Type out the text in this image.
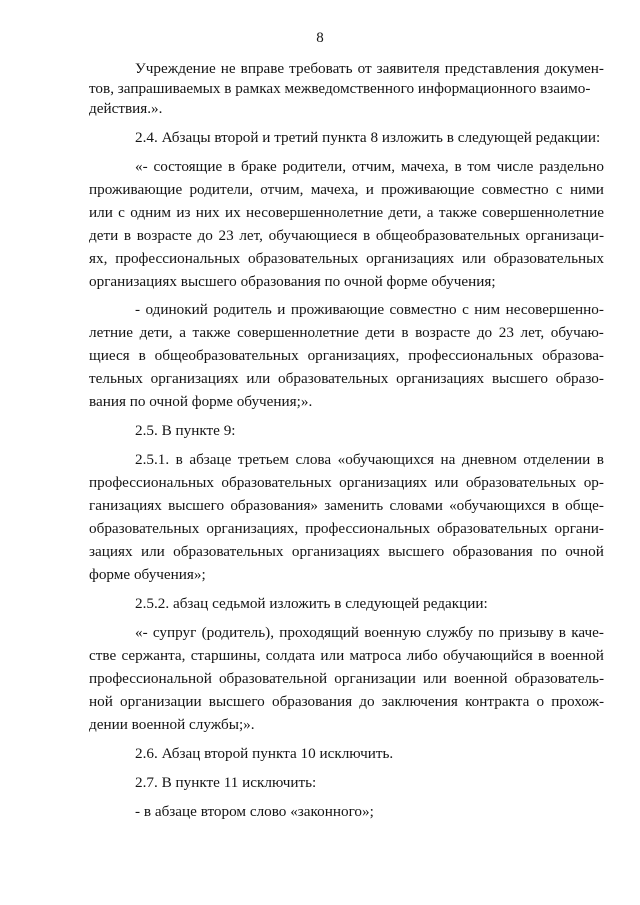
8
Учреждение не вправе требовать от заявителя представления докумен-
тов, запрашиваемых в рамках межведомственного информационного взаимо-
действия.».
2.4. Абзацы второй и третий пункта 8 изложить в следующей редакции:
«- состоящие в браке родители, отчим, мачеха, в том числе раздельно
проживающие родители, отчим, мачеха, и проживающие совместно с ними
или с одним из них их несовершеннолетние дети, а также совершеннолетние
дети в возрасте до 23 лет, обучающиеся в общеобразовательных организаци-
ях, профессиональных образовательных организациях или образовательных
организациях высшего образования по очной форме обучения;
- одинокий родитель и проживающие совместно с ним несовершенно-
летние дети, а также совершеннолетние дети в возрасте до 23 лет, обучаю-
щиеся в общеобразовательных организациях, профессиональных образова-
тельных организациях или образовательных организациях высшего образо-
вания по очной форме обучения;».
2.5. В пункте 9:
2.5.1. в абзаце третьем слова «обучающихся на дневном отделении в
профессиональных образовательных организациях или образовательных ор-
ганизациях высшего образования» заменить словами «обучающихся в обще-
образовательных организациях, профессиональных образовательных органи-
зациях или образовательных организациях высшего образования по очной
форме обучения»;
2.5.2. абзац седьмой изложить в следующей редакции:
«- супруг (родитель), проходящий военную службу по призыву в каче-
стве сержанта, старшины, солдата или матроса либо обучающийся в военной
профессиональной образовательной организации или военной образователь-
ной организации высшего образования до заключения контракта о прохож-
дении военной службы;».
2.6. Абзац второй пункта 10 исключить.
2.7. В пункте 11 исключить:
- в абзаце втором слово «законного»;
